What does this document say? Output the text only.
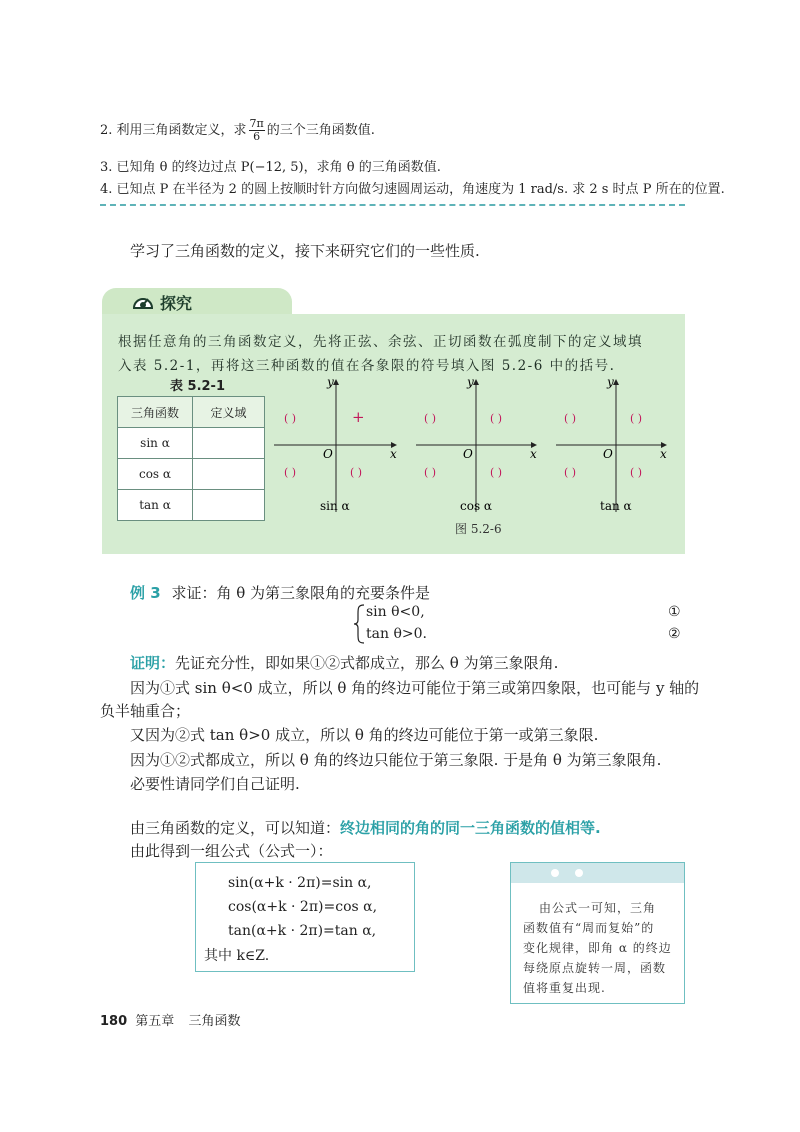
2. 利用三角函数定义，求 $\frac{7\pi}{6}$ 的三个三角函数值.
3. 已知角 θ 的终边过点 P(−12, 5)，求角 θ 的三角函数值.
4. 已知点 P 在半径为 2 的圆上按顺时针方向做匀速圆周运动，角速度为 1 rad/s. 求 2 s 时点 P 所在的位置.
学习了三角函数的定义，接下来研究它们的一些性质.
探究
根据任意角的三角函数定义，先将正弦、余弦、正切函数在弧度制下的定义域填
入表 5.2-1，再将这三种函数的值在各象限的符号填入图 5.2-6 中的括号.
表 5.2-1
三角函数	定义域
sin α	
cos α	
tan α	
y
x
O
( )	+
( )	( )
y
x
O
( )	( )
( )	( )
y
x
O
( )	( )
( )	( )
sin α	cos α	tan α
图 5.2-6
例 3 求证：角 θ 为第三象限角的充要条件是
sin θ<0,	①
tan θ>0.	②
证明：先证充分性，即如果①②式都成立，那么 θ 为第三象限角.
因为①式 sin θ<0 成立，所以 θ 角的终边可能位于第三或第四象限，也可能与 y 轴的
负半轴重合；
又因为②式 tan θ>0 成立，所以 θ 角的终边可能位于第一或第三象限.
因为①②式都成立，所以 θ 角的终边只能位于第三象限. 于是角 θ 为第三象限角.
必要性请同学们自己证明.
由三角函数的定义，可以知道：终边相同的角的同一三角函数的值相等.
由此得到一组公式（公式一）：
sin(α+k · 2π)=sin α,
cos(α+k · 2π)=cos α,
tan(α+k · 2π)=tan α,
其中 k∈Z.
由公式一可知，三角
函数值有“周而复始”的
变化规律，即角 α 的终边
每绕原点旋转一周，函数
值将重复出现.
180 第五章 三角函数
